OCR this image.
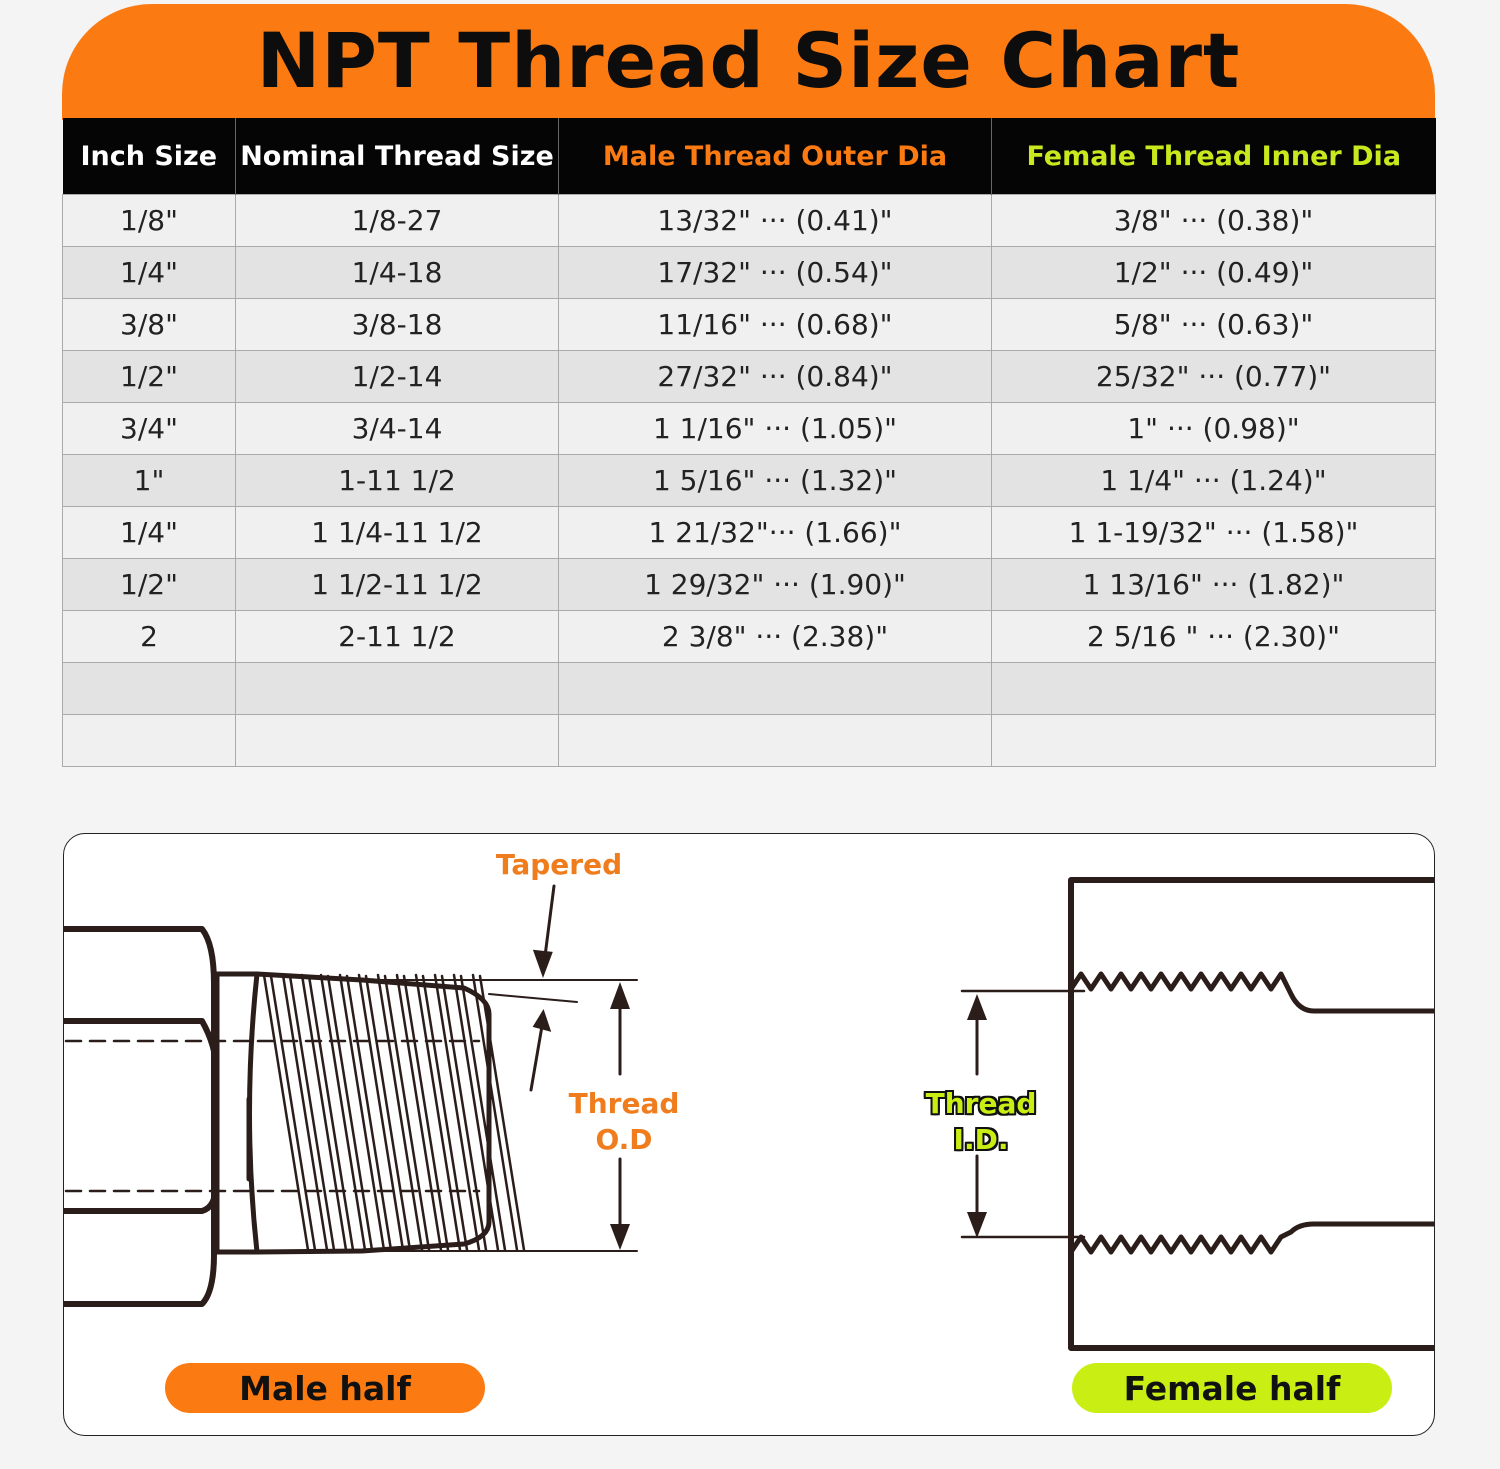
NPT Thread Size Chart
Inch Size	Nominal Thread Size	Male Thread Outer Dia	Female Thread Inner Dia
1/8"	1/8-27	13/32" ··· (0.41)"	3/8" ··· (0.38)"
1/4"	1/4-18	17/32" ··· (0.54)"	1/2" ··· (0.49)"
3/8"	3/8-18	11/16" ··· (0.68)"	5/8" ··· (0.63)"
1/2"	1/2-14	27/32" ··· (0.84)"	25/32" ··· (0.77)"
3/4"	3/4-14	1 1/16" ··· (1.05)"	1" ··· (0.98)"
1"	1-11 1/2	1 5/16" ··· (1.32)"	1 1/4" ··· (1.24)"
1/4"	1 1/4-11 1/2	1 21/32"··· (1.66)"	1 1-19/32" ··· (1.58)"
1/2"	1 1/2-11 1/2	1 29/32" ··· (1.90)"	1 13/16" ··· (1.82)"
2	2-11 1/2	2 3/8" ··· (2.38)"	2 5/16 " ··· (2.30)"

Tapered
Thread
O.D
Thread
I.D.
Male half	Female half
